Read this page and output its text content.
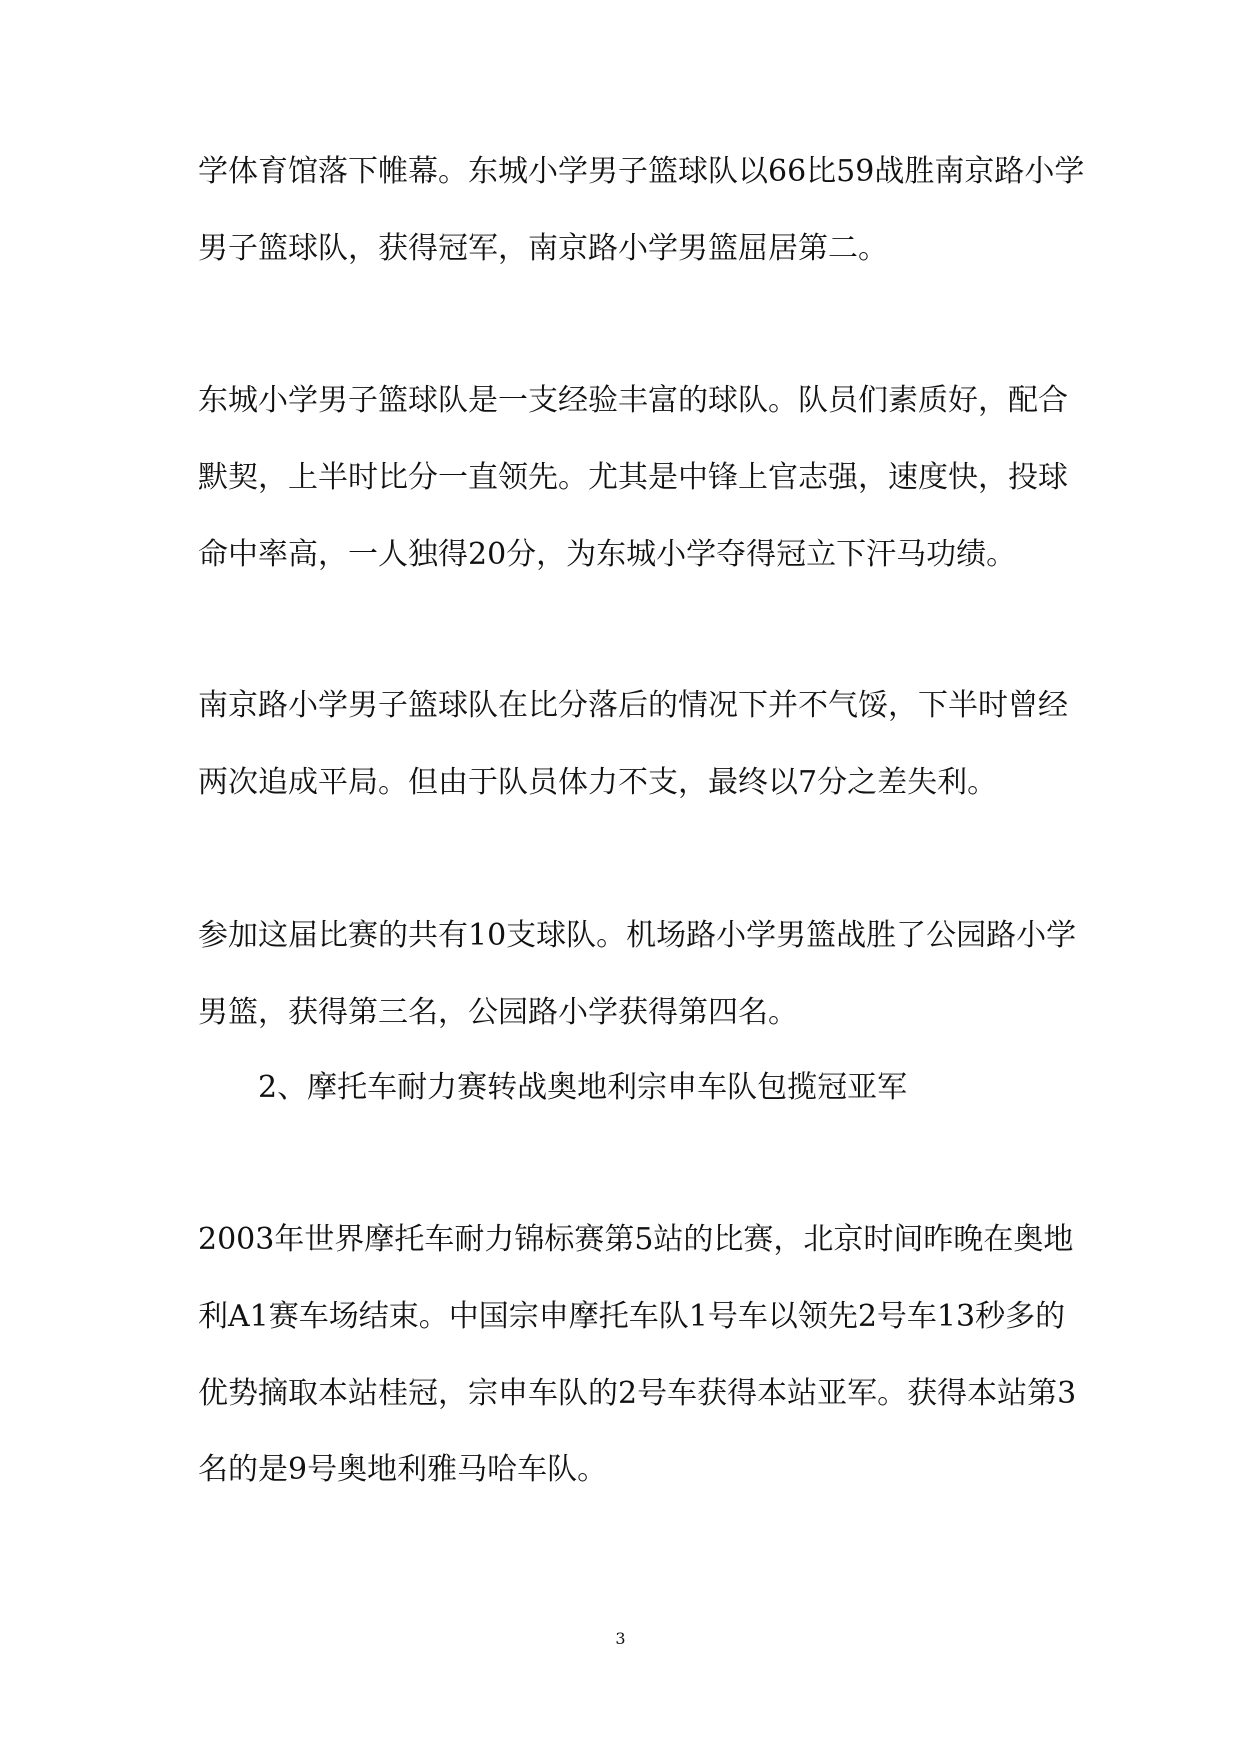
学体育馆落下帷幕。东城小学男子篮球队以66比59战胜南京路小学
男子篮球队，获得冠军，南京路小学男篮屈居第二。
东城小学男子篮球队是一支经验丰富的球队。队员们素质好，配合
默契，上半时比分一直领先。尤其是中锋上官志强，速度快，投球
命中率高，一人独得20分，为东城小学夺得冠立下汗马功绩。
南京路小学男子篮球队在比分落后的情况下并不气馁，下半时曾经
两次追成平局。但由于队员体力不支，最终以7分之差失利。
参加这届比赛的共有10支球队。机场路小学男篮战胜了公园路小学
男篮，获得第三名，公园路小学获得第四名。
2、摩托车耐力赛转战奥地利宗申车队包揽冠亚军
2003年世界摩托车耐力锦标赛第5站的比赛，北京时间昨晚在奥地
利A1赛车场结束。中国宗申摩托车队1号车以领先2号车13秒多的
优势摘取本站桂冠，宗申车队的2号车获得本站亚军。获得本站第3
名的是9号奥地利雅马哈车队。
3
